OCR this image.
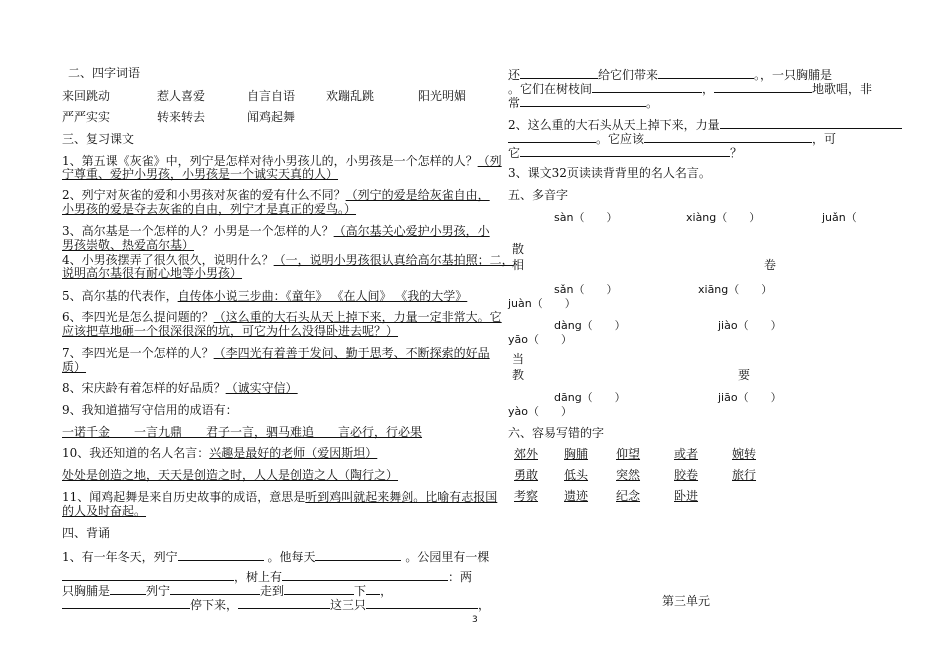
二、四字词语
来回跳动	惹人喜爱	自言自语	欢蹦乱跳	阳光明媚
严严实实	转来转去	闻鸡起舞
三、复习课文
1、第五课《灰雀》中，列宁是怎样对待小男孩儿的，小男孩是一个怎样的人？（列
宁尊重、爱护小男孩，小男孩是一个诚实天真的人）
2、列宁对灰雀的爱和小男孩对灰雀的爱有什么不同？（列宁的爱是给灰雀自由，
小男孩的爱是夺去灰雀的自由，列宁才是真正的爱鸟。）
3、高尔基是一个怎样的人？小男是一个怎样的人？（高尔基关心爱护小男孩，小
男孩崇敬、热爱高尔基）
4、小男孩摆弄了很久很久，说明什么？（一，说明小男孩很认真给高尔基拍照；二，
说明高尔基很有耐心地等小男孩）
5、高尔基的代表作，自传体小说三步曲：《童年》 《在人间》 《我的大学》
6、李四光是怎么提问题的？（这么重的大石头从天上掉下来，力量一定非常大。它
应该把草地砸一个很深很深的坑，可它为什么没得卧进去呢？）
7、李四光是一个怎样的人？（李四光有着善于发问、勤于思考、不断探索的好品
质）
8、宋庆龄有着怎样的好品质？（诚实守信）
9、我知道描写守信用的成语有：
一诺千金　　一言九鼎　　君子一言，驷马难追　　言必行，行必果
10、我还知道的名人名言：兴趣是最好的老师（爱因斯坦）
处处是创造之地，天天是创造之时，人人是创造之人（陶行之）
11、闻鸡起舞是来自历史故事的成语，意思是听到鸡叫就起来舞剑。比喻有志报国
的人及时奋起。
四、背诵
1、有一年冬天，列宁	。他每天	。公园里有一棵
，树上有	：两
只胸脯是	列宁	走到	下 ，
停下来，	这三只	，
还	给它们带来	。，一只胸脯是
。它们在树枝间	，	地歌唱，非
常	。
2、这么重的大石头从天上掉下来，力量
。它应该	，可
它	？
3、课文32页读读背背里的名人名言。
五、多音字
sàn（　　）	xiàng（　　）	juǎn（
散
相	卷
sǎn（　　）	xiāng（　　）
juàn（　　）
dàng（　　）	jiào（　　）
yāo（　　）
当
教	要
dāng（　　）	jiāo（　　）
yào（　　）
六、容易写错的字
郊外 胸脯 仰望	或者	婉转
勇敢 低头 突然	胶卷	旅行
考察 遗迹 纪念	卧进
第三单元
3
